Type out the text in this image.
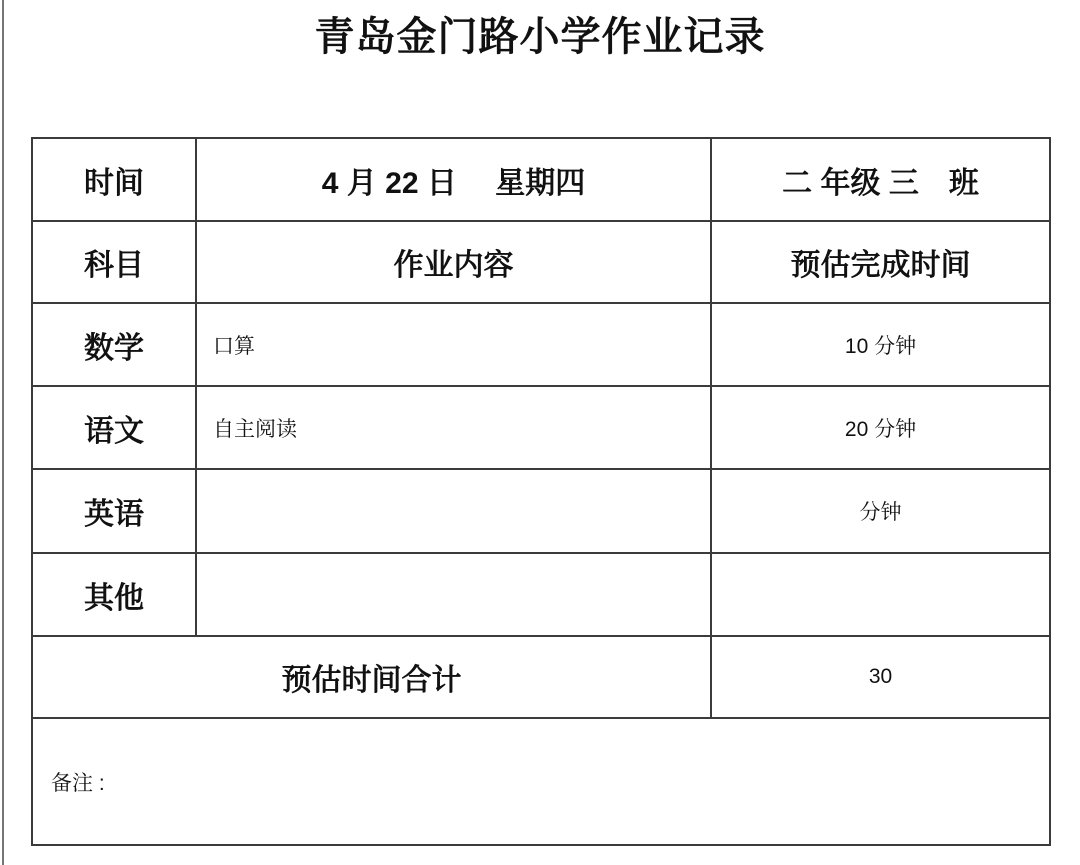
青岛金门路小学作业记录
时间	4 月 22 日　 星期四	二 年级 三　班
科目	作业内容	预估完成时间
数学	口算	10 分钟
语文	自主阅读	20 分钟
英语		分钟
其他		
预估时间合计		30
备注 :		
